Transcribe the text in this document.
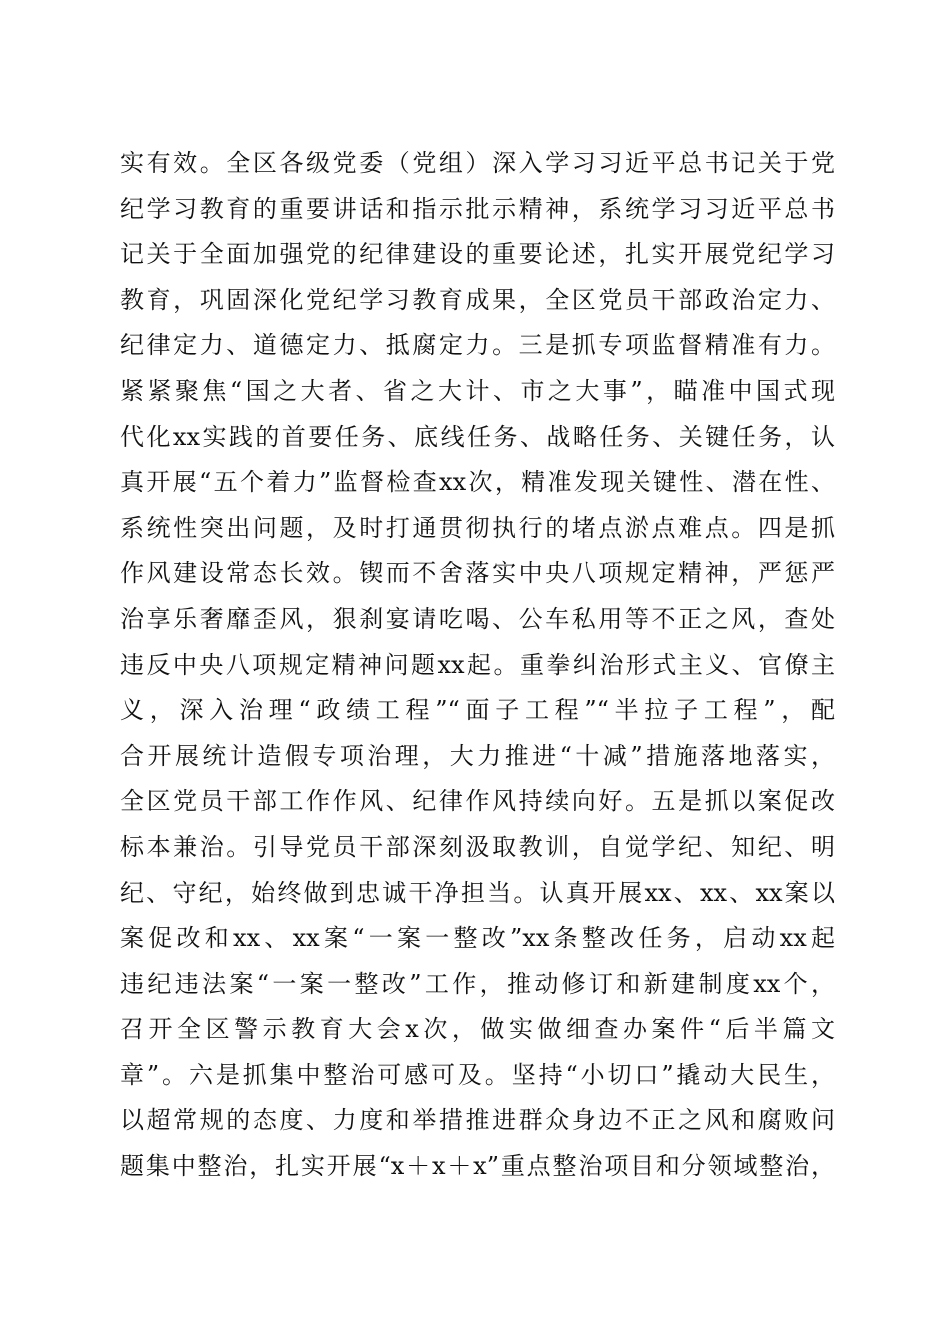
实有效。全区各级党委（党组）深入学习习近平总书记关于党
纪学习教育的重要讲话和指示批示精神，系统学习习近平总书
记关于全面加强党的纪律建设的重要论述，扎实开展党纪学习
教育，巩固深化党纪学习教育成果，全区党员干部政治定力、
纪律定力、道德定力、抵腐定力。三是抓专项监督精准有力。
紧紧聚焦“国之大者、省之大计、市之大事”，瞄准中国式现
代化xx实践的首要任务、底线任务、战略任务、关键任务，认
真开展“五个着力”监督检查xx次，精准发现关键性、潜在性、
系统性突出问题，及时打通贯彻执行的堵点淤点难点。四是抓
作风建设常态长效。锲而不舍落实中央八项规定精神，严惩严
治享乐奢靡歪风，狠刹宴请吃喝、公车私用等不正之风，查处
违反中央八项规定精神问题xx起。重拳纠治形式主义、官僚主
义，深入治理“政绩工程”“面子工程”“半拉子工程”，配
合开展统计造假专项治理，大力推进“十减”措施落地落实，
全区党员干部工作作风、纪律作风持续向好。五是抓以案促改
标本兼治。引导党员干部深刻汲取教训，自觉学纪、知纪、明
纪、守纪，始终做到忠诚干净担当。认真开展xx、xx、xx案以
案促改和xx、xx案“一案一整改”xx条整改任务，启动xx起
违纪违法案“一案一整改”工作，推动修订和新建制度xx个，
召开全区警示教育大会x次，做实做细查办案件“后半篇文
章”。六是抓集中整治可感可及。坚持“小切口”撬动大民生，
以超常规的态度、力度和举措推进群众身边不正之风和腐败问
题集中整治，扎实开展“x＋x＋x”重点整治项目和分领域整治，
